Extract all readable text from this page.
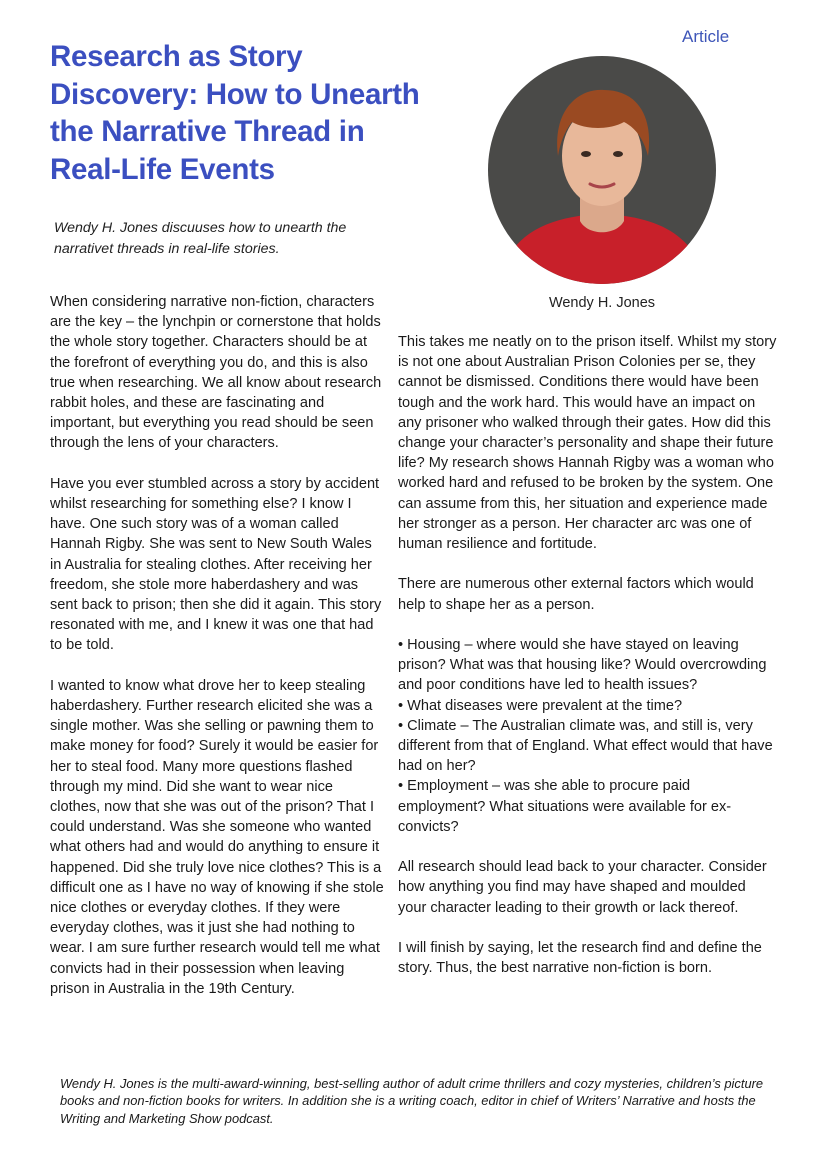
Article
Research as Story Discovery: How to Unearth the Narrative Thread in Real-Life Events

Wendy H. Jones discuuses how to unearth the narrativet threads in real-life stories.

Wendy H. Jones

When considering narrative non-fiction, characters are the key – the lynchpin or cornerstone that holds the whole story together. Characters should be at the forefront of everything you do, and this is also true when researching. We all know about research rabbit holes, and these are fascinating and important, but everything you read should be seen through the lens of your characters.

Have you ever stumbled across a story by accident whilst researching for something else? I know I have. One such story was of a woman called Hannah Rigby. She was sent to New South Wales in Australia for stealing clothes. After receiving her freedom, she stole more haberdashery and was sent back to prison; then she did it again. This story resonated with me, and I knew it was one that had to be told.

I wanted to know what drove her to keep stealing haberdashery. Further research elicited she was a single mother. Was she selling or pawning them to make money for food? Surely it would be easier for her to steal food. Many more questions flashed through my mind. Did she want to wear nice clothes, now that she was out of the prison? That I could understand. Was she someone who wanted what others had and would do anything to ensure it happened. Did she truly love nice clothes? This is a difficult one as I have no way of knowing if she stole nice clothes or everyday clothes. If they were everyday clothes, was it just she had nothing to wear. I am sure further research would tell me what convicts had in their possession when leaving prison in Australia in the 19th Century.

This takes me neatly on to the prison itself. Whilst my story is not one about Australian Prison Colonies per se, they cannot be dismissed. Conditions there would have been tough and the work hard. This would have an impact on any prisoner who walked through their gates. How did this change your character’s personality and shape their future life? My research shows Hannah Rigby was a woman who worked hard and refused to be broken by the system. One can assume from this, her situation and experience made her stronger as a person. Her character arc was one of human resilience and fortitude.

There are numerous other external factors which would help to shape her as a person.

• Housing – where would she have stayed on leaving prison? What was that housing like? Would overcrowding and poor conditions have led to health issues?
• What diseases were prevalent at the time?
• Climate – The Australian climate was, and still is, very different from that of England. What effect would that have had on her?
• Employment – was she able to procure paid employment? What situations were available for ex-convicts?

All research should lead back to your character. Consider how anything you find may have shaped and moulded your character leading to their growth or lack thereof.

I will finish by saying, let the research find and define the story. Thus, the best narrative non-fiction is born.

Wendy H. Jones is the multi-award-winning, best-selling author of adult crime thrillers and cozy mysteries, children’s picture books and non-fiction books for writers. In addition she is a writing coach, editor in chief of Writers’ Narrative and hosts the Writing and Marketing Show podcast.
